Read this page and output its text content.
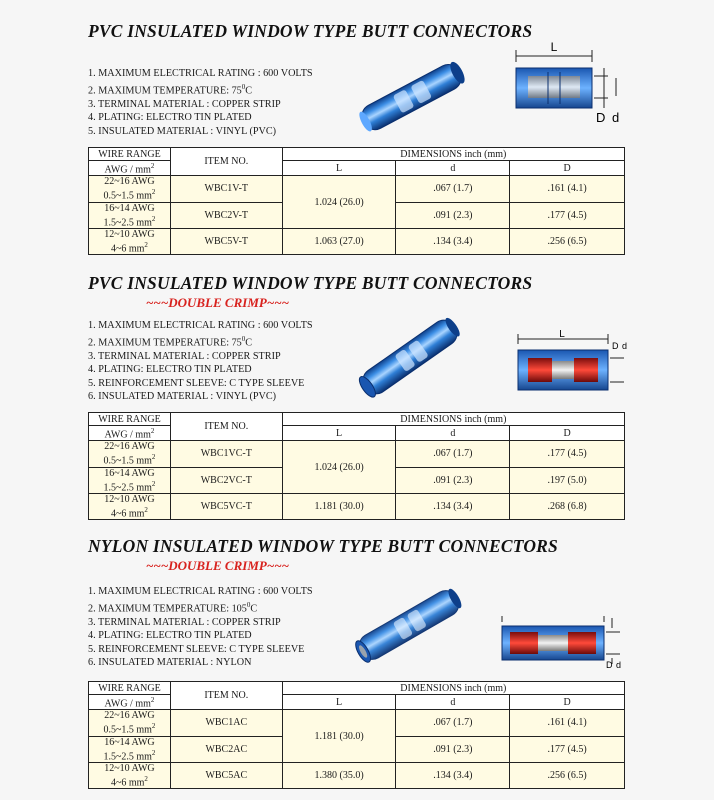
PVC INSULATED WINDOW TYPE BUTT CONNECTORS
1. MAXIMUM ELECTRICAL RATING : 600 VOLTS
2. MAXIMUM TEMPERATURE: $75^0C$
3. TERMINAL MATERIAL : COPPER STRIP
4. PLATING: ELECTRO TIN PLATED
5. INSULATED MATERIAL : VINYL (PVC)
L
D d
WIRE RANGE	ITEM NO.	DIMENSIONS inch (mm)		
AWG / $mm^2$		L	d	D

22~16 AWG
0.5~1.5 $mm^2$	WBC1V-T	1.024 (26.0)	.067 (1.7)	.161 (4.1)

16~14 AWG
1.5~2.5 $mm^2$	WBC2V-T		.091 (2.3)	.177 (4.5)

12~10 AWG
4~6 $mm^2$	WBC5V-T	1.063 (27.0)	.134 (3.4)	.256 (6.5)
PVC INSULATED WINDOW TYPE BUTT CONNECTORS
~~~DOUBLE CRIMP~~~
1. MAXIMUM ELECTRICAL RATING : 600 VOLTS
2. MAXIMUM TEMPERATURE: $75^0C$
3. TERMINAL MATERIAL : COPPER STRIP
4. PLATING: ELECTRO TIN PLATED
5. REINFORCEMENT SLEEVE: C TYPE SLEEVE
6. INSULATED MATERIAL : VINYL (PVC)
L
D d
WIRE RANGE	ITEM NO.	DIMENSIONS inch (mm)		
AWG / $mm^2$		L	d	D

22~16 AWG
0.5~1.5 $mm^2$	WBC1VC-T	1.024 (26.0)	.067 (1.7)	.177 (4.5)

16~14 AWG
1.5~2.5 $mm^2$	WBC2VC-T		.091 (2.3)	.197 (5.0)

12~10 AWG
4~6 $mm^2$	WBC5VC-T	1.181 (30.0)	.134 (3.4)	.268 (6.8)
NYLON INSULATED WINDOW TYPE BUTT CONNECTORS
~~~DOUBLE CRIMP~~~
1. MAXIMUM ELECTRICAL RATING : 600 VOLTS
2. MAXIMUM TEMPERATURE: $105^0C$
3. TERMINAL MATERIAL : COPPER STRIP
4. PLATING: ELECTRO TIN PLATED
5. REINFORCEMENT SLEEVE: C TYPE SLEEVE
6. INSULATED MATERIAL : NYLON	D d
WIRE RANGE	ITEM NO.	DIMENSIONS inch (mm)		
AWG / $mm^2$		L	d	D

22~16 AWG
0.5~1.5 $mm^2$	WBC1AC	1.181 (30.0)	.067 (1.7)	.161 (4.1)

16~14 AWG
1.5~2.5 $mm^2$	WBC2AC		.091 (2.3)	.177 (4.5)

12~10 AWG
4~6 $mm^2$	WBC5AC	1.380 (35.0)	.134 (3.4)	.256 (6.5)
